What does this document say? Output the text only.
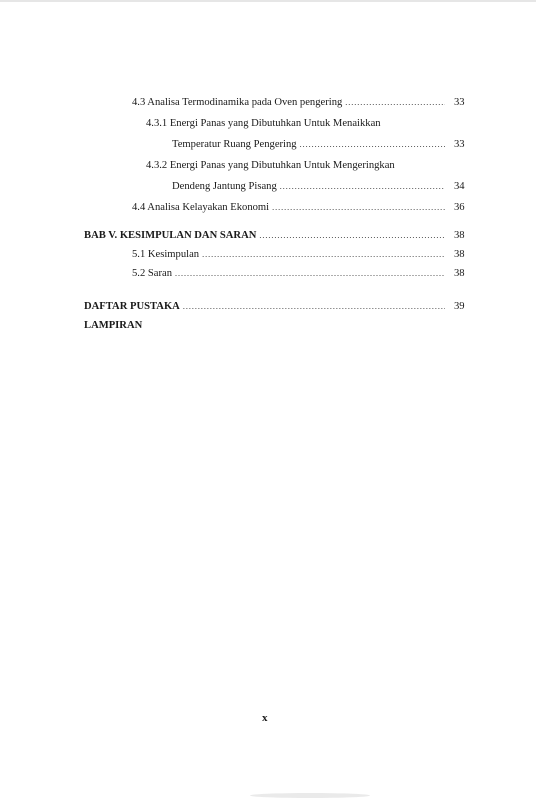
4.3 Analisa Termodinamika pada Oven pengering .....	33
4.3.1 Energi Panas yang Dibutuhkan Untuk Menaikkan
Temperatur Ruang Pengering .....	33
4.3.2 Energi Panas yang Dibutuhkan Untuk Mengeringkan
Dendeng Jantung Pisang .....	34
4.4 Analisa Kelayakan Ekonomi .....	36
BAB V. KESIMPULAN DAN SARAN .....	38
5.1 Kesimpulan .....	38
5.2 Saran .....	38
DAFTAR PUSTAKA .....	39
LAMPIRAN
x
